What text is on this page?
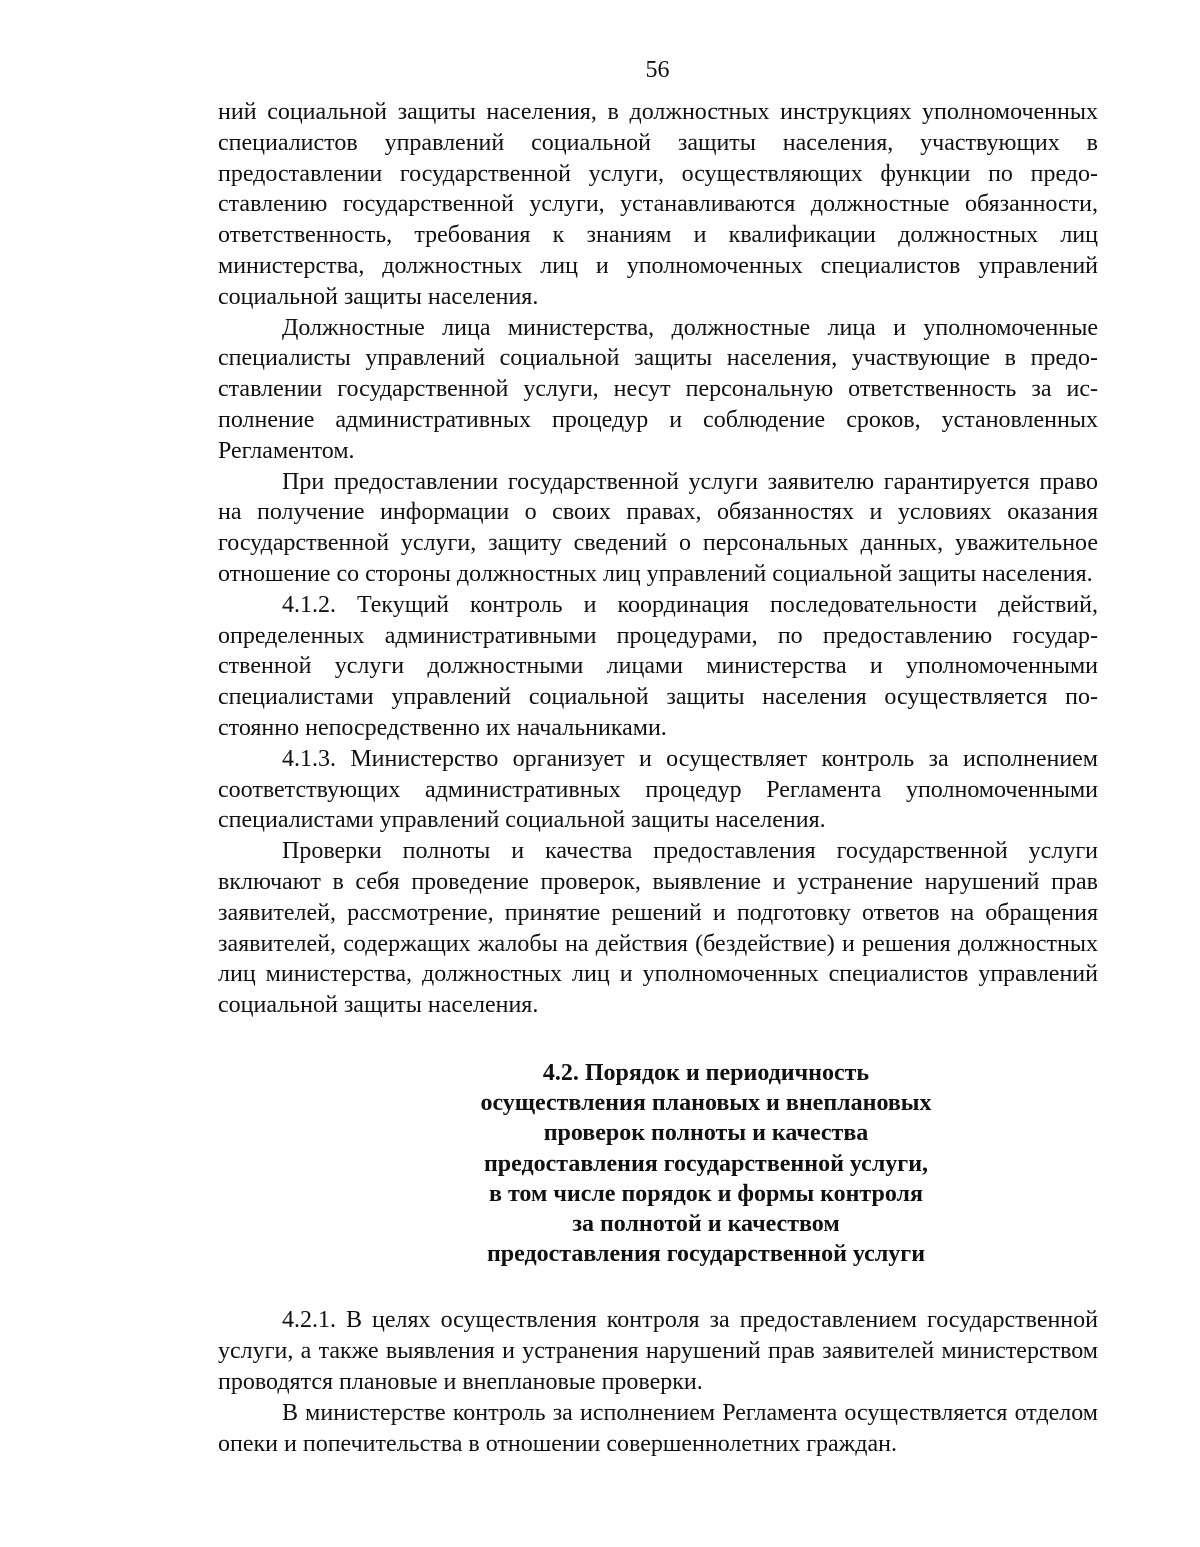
56

ний социальной защиты населения, в должностных инструкциях уполномоченных специалистов управлений социальной защиты населения, участвующих в предоставлении государственной услуги, осуществляющих функции по предоставлению государственной услуги, устанавливаются должностные обязанности, ответственность, требования к знаниям и квалификации должностных лиц министерства, должностных лиц и уполномоченных специалистов управлений социальной защиты населения.

Должностные лица министерства, должностные лица и уполномоченные специалисты управлений социальной защиты населения, участвующие в предоставлении государственной услуги, несут персональную ответственность за исполнение административных процедур и соблюдение сроков, установленных Регламентом.

При предоставлении государственной услуги заявителю гарантируется право на получение информации о своих правах, обязанностях и условиях оказания государственной услуги, защиту сведений о персональных данных, уважительное отношение со стороны должностных лиц управлений социальной защиты населения.

4.1.2. Текущий контроль и координация последовательности действий, определенных административными процедурами, по предоставлению государственной услуги должностными лицами министерства и уполномоченными специалистами управлений социальной защиты населения осуществляется постоянно непосредственно их начальниками.

4.1.3. Министерство организует и осуществляет контроль за исполнением соответствующих административных процедур Регламента уполномоченными специалистами управлений социальной защиты населения.

Проверки полноты и качества предоставления государственной услуги включают в себя проведение проверок, выявление и устранение нарушений прав заявителей, рассмотрение, принятие решений и подготовку ответов на обращения заявителей, содержащих жалобы на действия (бездействие) и решения должностных лиц министерства, должностных лиц и уполномоченных специалистов управлений социальной защиты населения.

4.2. Порядок и периодичность
осуществления плановых и внеплановых
проверок полноты и качества
предоставления государственной услуги,
в том числе порядок и формы контроля
за полнотой и качеством
предоставления государственной услуги

4.2.1. В целях осуществления контроля за предоставлением государственной услуги, а также выявления и устранения нарушений прав заявителей министерством проводятся плановые и внеплановые проверки.

В министерстве контроль за исполнением Регламента осуществляется отделом опеки и попечительства в отношении совершеннолетних граждан.
